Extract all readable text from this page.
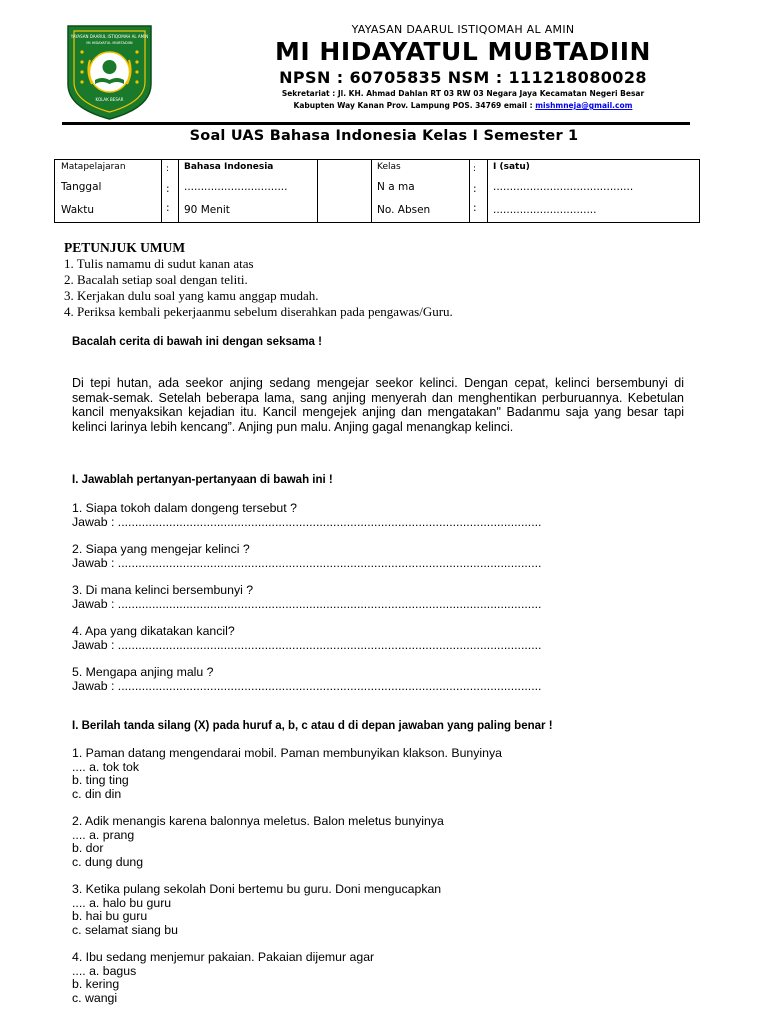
YAYASAN DAARUL ISTIQOMAH AL AMIN
MI HIDAYATUL MUBTADIIN
KOLAK BESAR
YAYASAN DAARUL ISTIQOMAH AL AMIN
MI HIDAYATUL MUBTADIIN
NPSN : 60705835 NSM : 111218080028
Sekretariat : Jl. KH. Ahmad Dahlan RT 03 RW 03 Negara Jaya Kecamatan Negeri Besar
Kabupten Way Kanan Prov. Lampung POS. 34769 email : mishmneja@gmail.com
Soal UAS Bahasa Indonesia Kelas I Semester 1
Matapelajaran	: Bahasa Indonesia
Tanggal	: ...............................
Waktu	: 90 Menit
Kelas	: I (satu)
N a ma	: ..........................................
No. Absen	: ...............................
PETUNJUK UMUM
1. Tulis namamu di sudut kanan atas
2. Bacalah setiap soal dengan teliti.
3. Kerjakan dulu soal yang kamu anggap mudah.
4. Periksa kembali pekerjaanmu sebelum diserahkan pada pengawas/Guru.
Bacalah cerita di bawah ini dengan seksama !

Di tepi hutan, ada seekor anjing sedang mengejar seekor kelinci. Dengan cepat, kelinci bersembunyi di semak-semak. Setelah beberapa lama, sang anjing menyerah dan menghentikan perburuannya. Kebetulan kancil menyaksikan kejadian itu. Kancil mengejek anjing dan mengatakan" Badanmu saja yang besar tapi kelinci larinya lebih kencang”. Anjing pun malu. Anjing gagal menangkap kelinci.

I. Jawablah pertanyan-pertanyaan di bawah ini !
1. Siapa tokoh dalam dongeng tersebut ?
Jawab : ............................................................................................................................
2. Siapa yang mengejar kelinci ?
Jawab : ............................................................................................................................
3. Di mana kelinci bersembunyi ?
Jawab : ............................................................................................................................
4. Apa yang dikatakan kancil?
Jawab : ............................................................................................................................
5. Mengapa anjing malu ?
Jawab : ............................................................................................................................
I. Berilah tanda silang (X) pada huruf a, b, c atau d di depan jawaban yang paling benar !
1. Paman datang mengendarai mobil. Paman membunyikan klakson. Bunyinya
.... a. tok tok
b. ting ting
c. din din
2. Adik menangis karena balonnya meletus. Balon meletus bunyinya
.... a. prang
b. dor
c. dung dung
3. Ketika pulang sekolah Doni bertemu bu guru. Doni mengucapkan
.... a. halo bu guru
b. hai bu guru
c. selamat siang bu
4. Ibu sedang menjemur pakaian. Pakaian dijemur agar
.... a. bagus
b. kering
c. wangi
